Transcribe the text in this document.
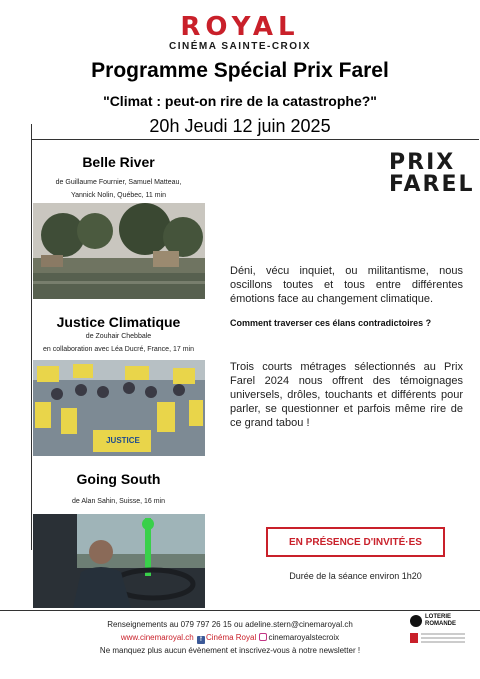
ROYAL
CINÉMA SAINTE-CROIX
Programme Spécial Prix Farel
"Climat : peut-on rire de la catastrophe?"
20h Jeudi 12 juin 2025
Belle River
de Guillaume Fournier, Samuel Matteau,
Yannick Nolin, Québec, 11 min
Justice Climatique
de Zouhair Chebbale
en collaboration avec Léa Ducré, France, 17 min
JUSTICE
Going South
de Alan Sahin, Suisse, 16 min
PRIX
FAREL
Déni, vécu inquiet, ou militantisme, nous oscillons toutes et tous entre différentes émotions face au changement climatique.
Comment traverser ces élans contradictoires ?
Trois courts métrages sélectionnés au Prix Farel 2024 nous offrent des témoignages universels, drôles, touchants et différents pour parler, se questionner et parfois même rire de ce grand tabou !
EN PRÉSENCE D'INVITÉ·ES
Durée de la séance environ 1h20
Renseignements au 079 797 26 15 ou adeline.stern@cinemaroyal.ch
www.cinemaroyal.ch f Cinéma Royal cinemaroyalstecroix
Ne manquez plus aucun évènement et inscrivez-vous à notre newsletter !
LOTERIE
ROMANDE
